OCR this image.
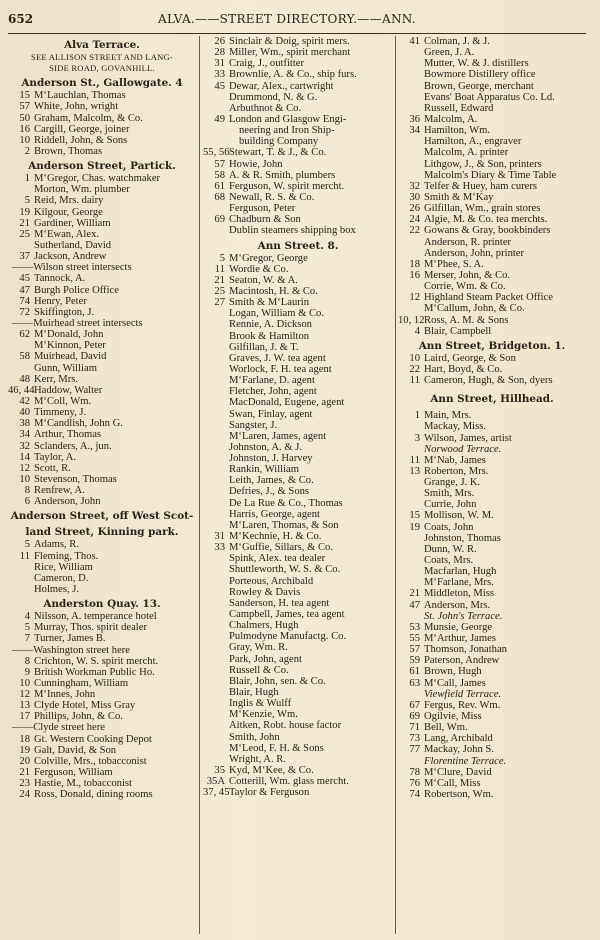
652	ALVA.——STREET DIRECTORY.——ANN.
Alva Terrace.
SEE ALLISON STREET AND LANG-
SIDE ROAD, GOVANHILL.
Anderson St., Gallowgate. 4
15 M‘Lauchlan, Thomas
57 White, John, wright
50 Graham, Malcolm, & Co.
16 Cargill, George, joiner
10 Riddell, John, & Sons
2 Brown, Thomas
Anderson Street, Partick.
1 M‘Gregor, Chas. watchmaker
Morton, Wm. plumber
5 Reid, Mrs. dairy
19 Kilgour, George
21 Gardiner, William
25 M‘Ewan, Alex.
Sutherland, David
37 Jackson, Andrew
——Wilson street intersects
45 Tannock, A.
47 Burgh Police Office
74 Henry, Peter
72 Skiffington, J.
——Muirhead street intersects
62 M‘Donald, John
M‘Kinnon, Peter
58 Muirhead, David
Gunn, William
48 Kerr, Mrs.
46, 44Haddow, Walter
42 M‘Coll, Wm.
40 Timmeny, J.
38 M‘Candlish, John G.
34 Arthur, Thomas
32 Sclanders, A., jun.
14 Taylor, A.
12 Scott, R.
10 Stevenson, Thomas
8 Renfrew, A.
6 Anderson, John
Anderson Street, off West Scot-
land Street, Kinning park.
5 Adams, R.
11 Fleming, Thos.
Rice, William
Cameron, D.
Holmes, J.
Anderston Quay. 13.
4 Nilsson, A. temperance hotel
5 Murray, Thos. spirit dealer
7 Turner, James B.
——Washington street here
8 Crichton, W. S. spirit mercht.
9 British Workman Public Ho.
10 Cunningham, William
12 M‘Innes, John
13 Clyde Hotel, Miss Gray
17 Phillips, John, & Co.
——Clyde street here
18 Gt. Western Cooking Depot
19 Galt, David, & Son
20 Colville, Mrs., tobacconist
21 Ferguson, William
23 Hastie, M., tobacconist
24 Ross, Donald, dining rooms
26 Sinclair & Doig, spirit mers.
28 Miller, Wm., spirit merchant
31 Craig, J., outfitter
33 Brownlie, A. & Co., ship furs.
45 Dewar, Alex., cartwright
Drummond, N. & G.
Arbuthnot & Co.
49 London and Glasgow Engi-
neering and Iron Ship-
building Company
55, 56Stewart, T. & J., & Co.
57 Howie, John
58 A. & R. Smith, plumbers
61 Ferguson, W. spirit mercht.
68 Newall, R. S. & Co.
Ferguson, Peter
69 Chadburn & Son
Dublin steamers shipping box
Ann Street. 8.
5 M‘Gregor, George
11 Wordie & Co.
21 Seaton, W. & A.
25 Macintosh, H. & Co.
27 Smith & M‘Laurin
Logan, William & Co.
Rennie, A. Dickson
Brook & Hamilton
Gilfillan, J. & T.
Graves, J. W. tea agent
Worlock, F. H. tea agent
M‘Farlane, D. agent
Fletcher, John, agent
MacDonald, Eugene, agent
Swan, Finlay, agent
Sangster, J.
M‘Laren, James, agent
Johnston, A. & J.
Johnston, J. Harvey
Rankin, William
Leith, James, & Co.
Defries, J., & Sons
De La Rue & Co., Thomas
Harris, George, agent
M‘Laren, Thomas, & Son
31 M‘Kechnie, H. & Co.
33 M‘Guffie, Sillars, & Co.
Spink, Alex. tea dealer
Shuttleworth, W. S. & Co.
Porteous, Archibald
Rowley & Davis
Sanderson, H. tea agent
Campbell, James, tea agent
Chalmers, Hugh
Pulmodyne Manufactg. Co.
Gray, Wm. R.
Park, John, agent
Russell & Co.
Blair, John, sen. & Co.
Blair, Hugh
Inglis & Wulff
M‘Kenzie, Wm.
Aitken, Robt. house factor
Smith, John
M‘Leod, F. H. & Sons
Wright, A. R.
35 Kyd, M‘Kee, & Co.
35A Cotterill, Wm. glass mercht.
37, 45Taylor & Ferguson
41 Colman, J. & J.
Green, J. A.
Mutter, W. & J. distillers
Bowmore Distillery office
Brown, George, merchant
Evans' Boat Apparatus Co. Ld.
Russell, Edward
36 Malcolm, A.
34 Hamilton, Wm.
Hamilton, A., engraver
Malcolm, A. printer
Lithgow, J., & Son, printers
Malcolm's Diary & Time Table
32 Telfer & Huey, ham curers
30 Smith & M‘Kay
26 Gilfillan, Wm., grain stores
24 Algie, M. & Co. tea merchts.
22 Gowans & Gray, bookbinders
Anderson, R. printer
Anderson, John, printer
18 M‘Phee, S. A.
16 Merser, John, & Co.
Corrie, Wm. & Co.
12 Highland Steam Packet Office
M‘Callum, John, & Co.
10, 12Ross, A. M. & Sons
4 Blair, Campbell
Ann Street, Bridgeton. 1.
10 Laird, George, & Son
22 Hart, Boyd, & Co.
11 Cameron, Hugh, & Son, dyers
Ann Street, Hillhead.
1 Main, Mrs.
Mackay, Miss.
3 Wilson, James, artist
Norwood Terrace.
11 M‘Nab, James
13 Roberton, Mrs.
Grange, J. K.
Smith, Mrs.
Currie, John
15 Mollison, W. M.
19 Coats, John
Johnston, Thomas
Dunn, W. R.
Coats, Mrs.
Macfarlan, Hugh
M‘Farlane, Mrs.
21 Middleton, Miss
47 Anderson, Mrs.
St. John's Terrace.
53 Munsie, George
55 M‘Arthur, James
57 Thomson, Jonathan
59 Paterson, Andrew
61 Brown, Hugh
63 M‘Call, James
Viewfield Terrace.
67 Fergus, Rev. Wm.
69 Ogilvie, Miss
71 Bell, Wm.
73 Lang, Archibald
77 Mackay, John S.
Florentine Terrace.
78 M‘Clure, David
76 M‘Call, Miss
74 Robertson, Wm.
